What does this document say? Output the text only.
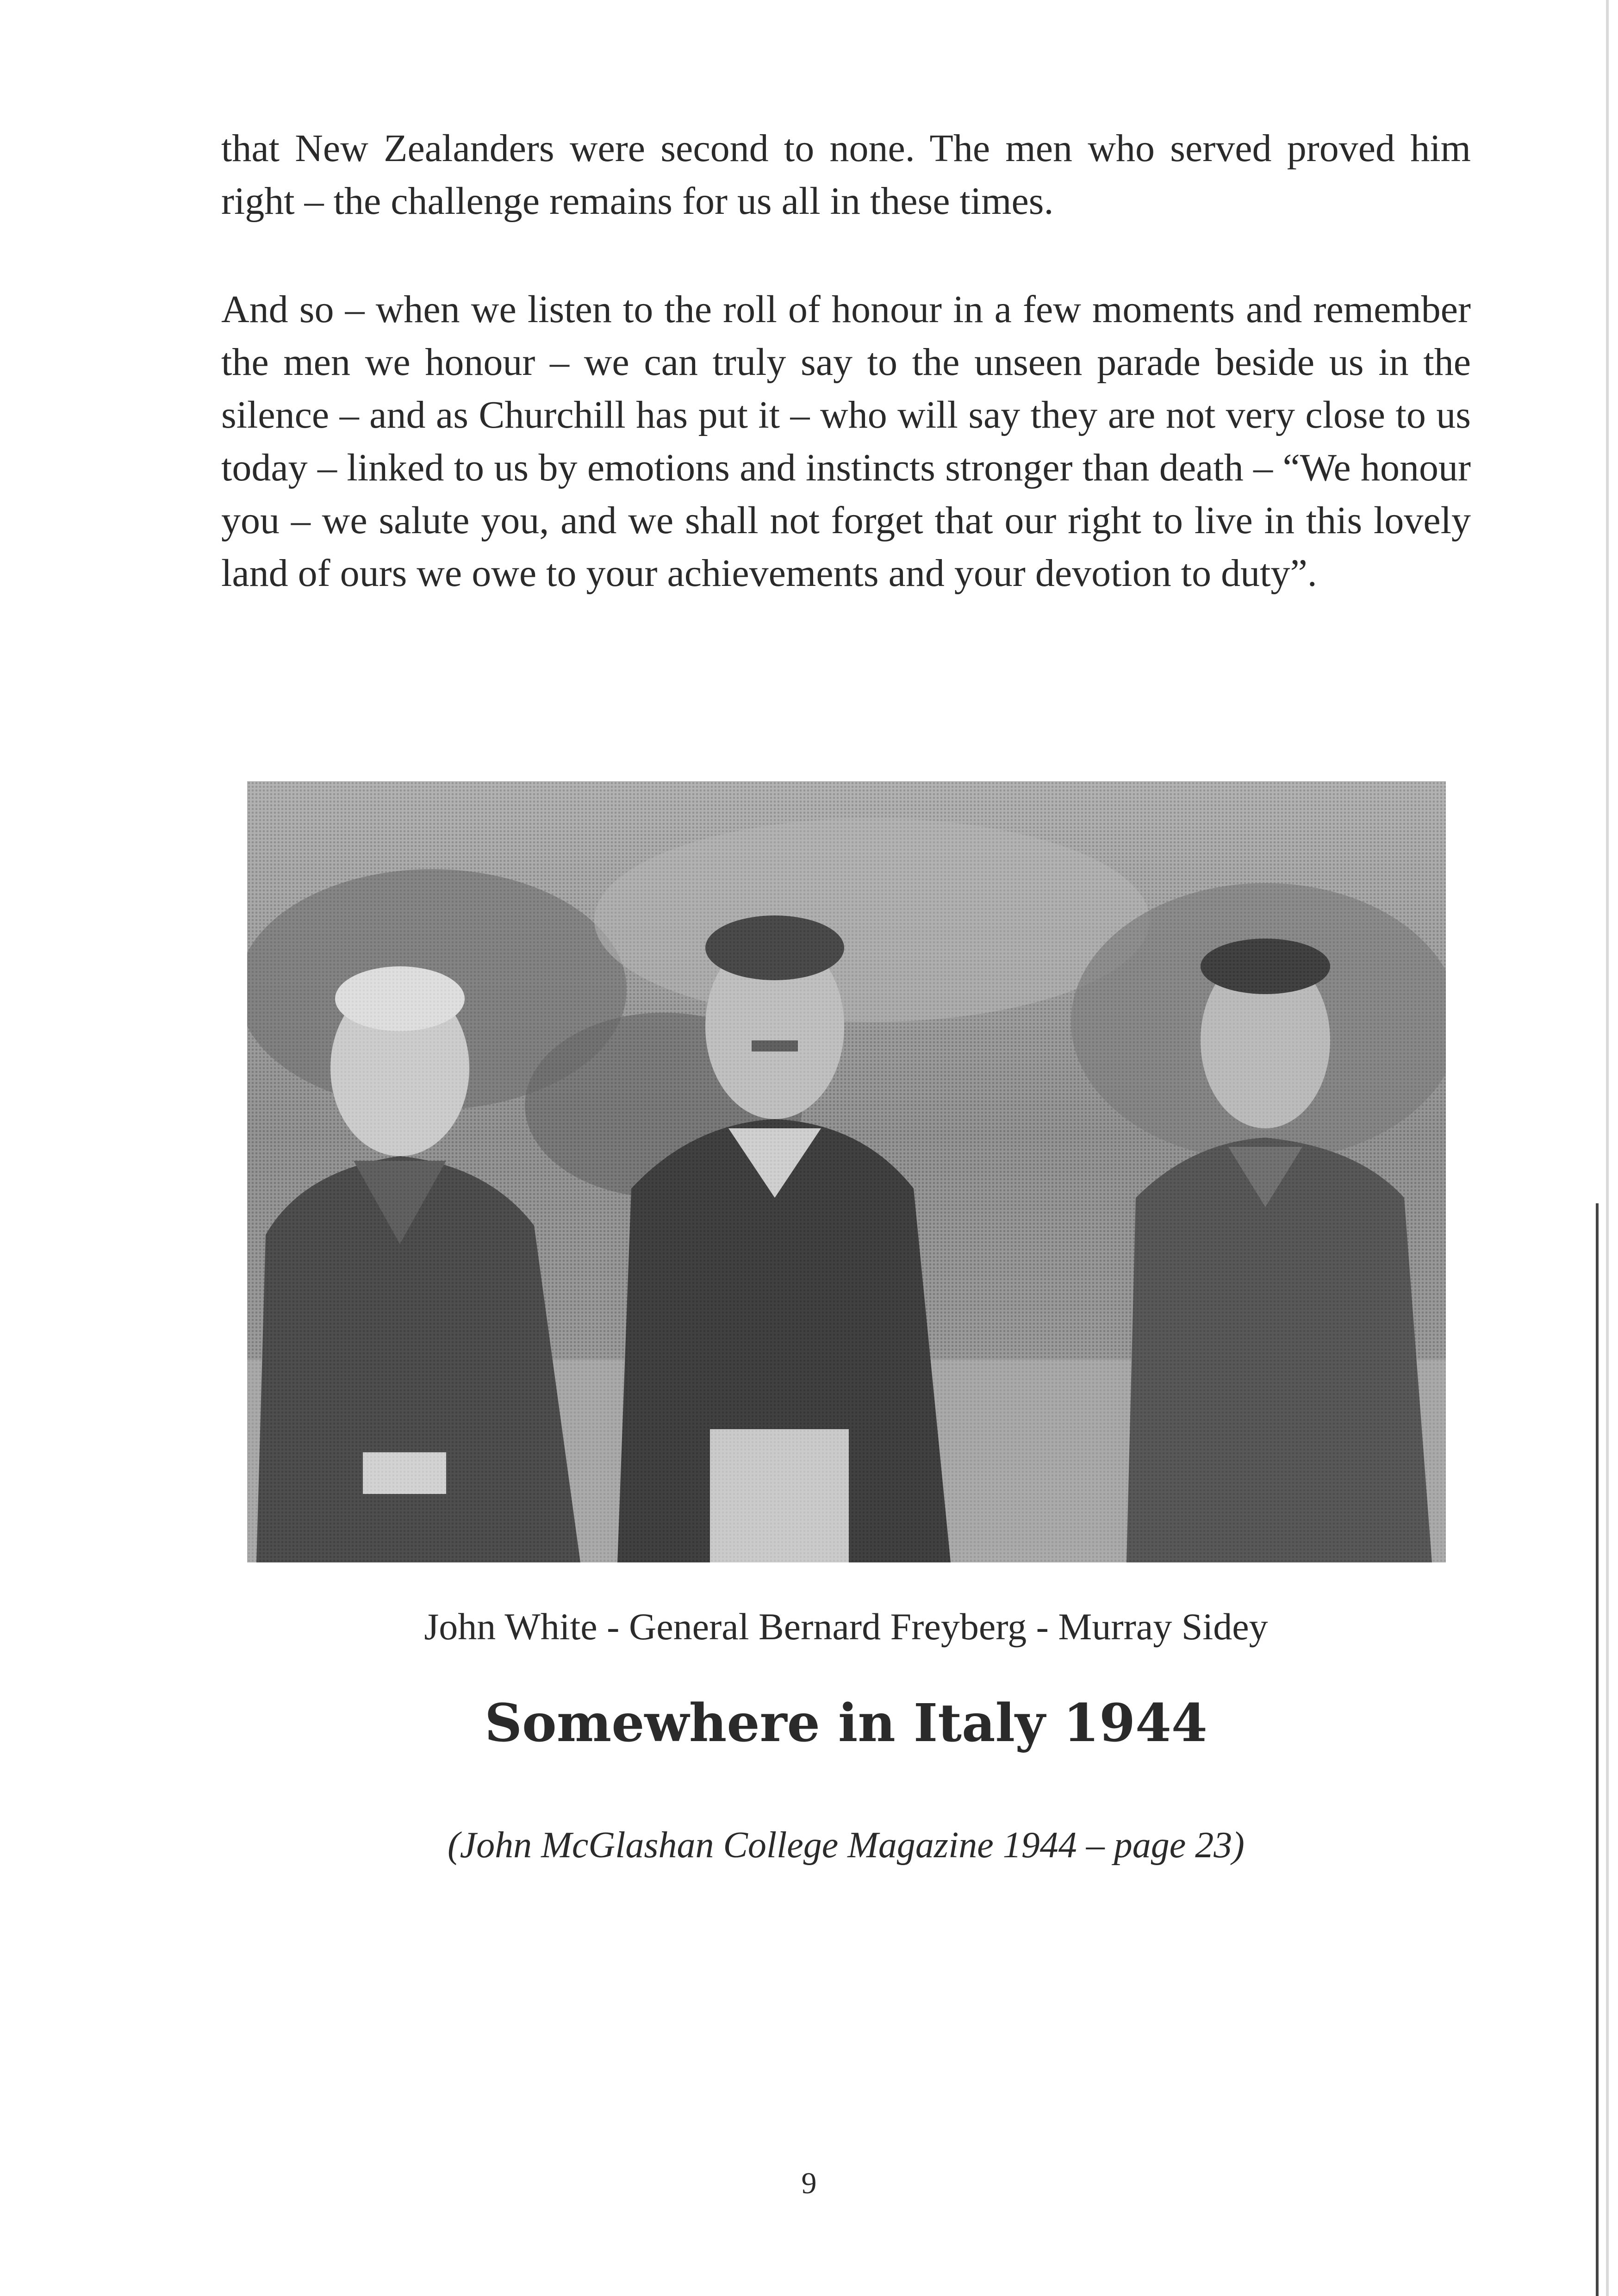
that New Zealanders were second to none. The men who served proved him right – the challenge remains for us all in these times.

And so – when we listen to the roll of honour in a few moments and remember the men we honour – we can truly say to the unseen parade beside us in the silence – and as Churchill has put it – who will say they are not very close to us today – linked to us by emotions and instincts stronger than death – “We honour you – we salute you, and we shall not forget that our right to live in this lovely land of ours we owe to your achievements and your devotion to duty”.

John White - General Bernard Freyberg - Murray Sidey
Somewhere in Italy 1944
(John McGlashan College Magazine 1944 – page 23)
9
